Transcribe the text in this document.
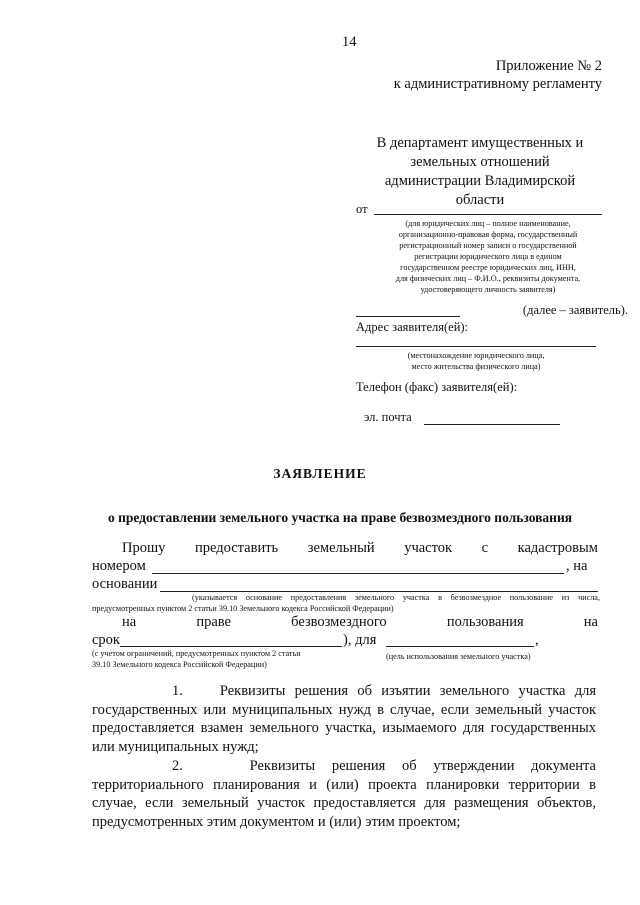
14
Приложение № 2
к административному регламенту
В департамент имущественных и
земельных отношений
администрации Владимирской
области
от
(для юридических лиц – полное наименование,
организационно-правовая форма, государственный
регистрационный номер записи о государственной
регистрации юридического лица в едином
государственном реестре юридических лиц, ИНН,
для физических лиц – Ф.И.О., реквизиты документа,
удостоверяющего личность заявителя)
(далее – заявитель).
Адрес заявителя(ей):
(местонахождение юридического лица,
место жительства физического лица)
Телефон (факс) заявителя(ей):
эл. почта
ЗАЯВЛЕНИЕ
о предоставлении земельного участка на праве безвозмездного пользования
Прошу предоставить земельный участок с кадастровым
номером	, на
основании
(указывается основание предоставления земельного участка в безвозмездное пользование из числа, предусмотренных пунктом 2 статьи 39.10 Земельного кодекса Российской Федерации)
на	праве	безвозмездного	пользования	на
срок	), для	,
(с учетом ограничений, предусмотренных пунктом 2 статьи 39.10 Земельного кодекса Российской Федерации)
(цель использования земельного участка)
1.	Реквизиты решения об изъятии земельного участка для государственных или муниципальных нужд в случае, если земельный участок предоставляется взамен земельного участка, изымаемого для государственных или муниципальных нужд;
2.	Реквизиты решения об утверждении документа территориального планирования и (или) проекта планировки территории в случае, если земельный участок предоставляется для размещения объектов, предусмотренных этим документом и (или) этим проектом;
